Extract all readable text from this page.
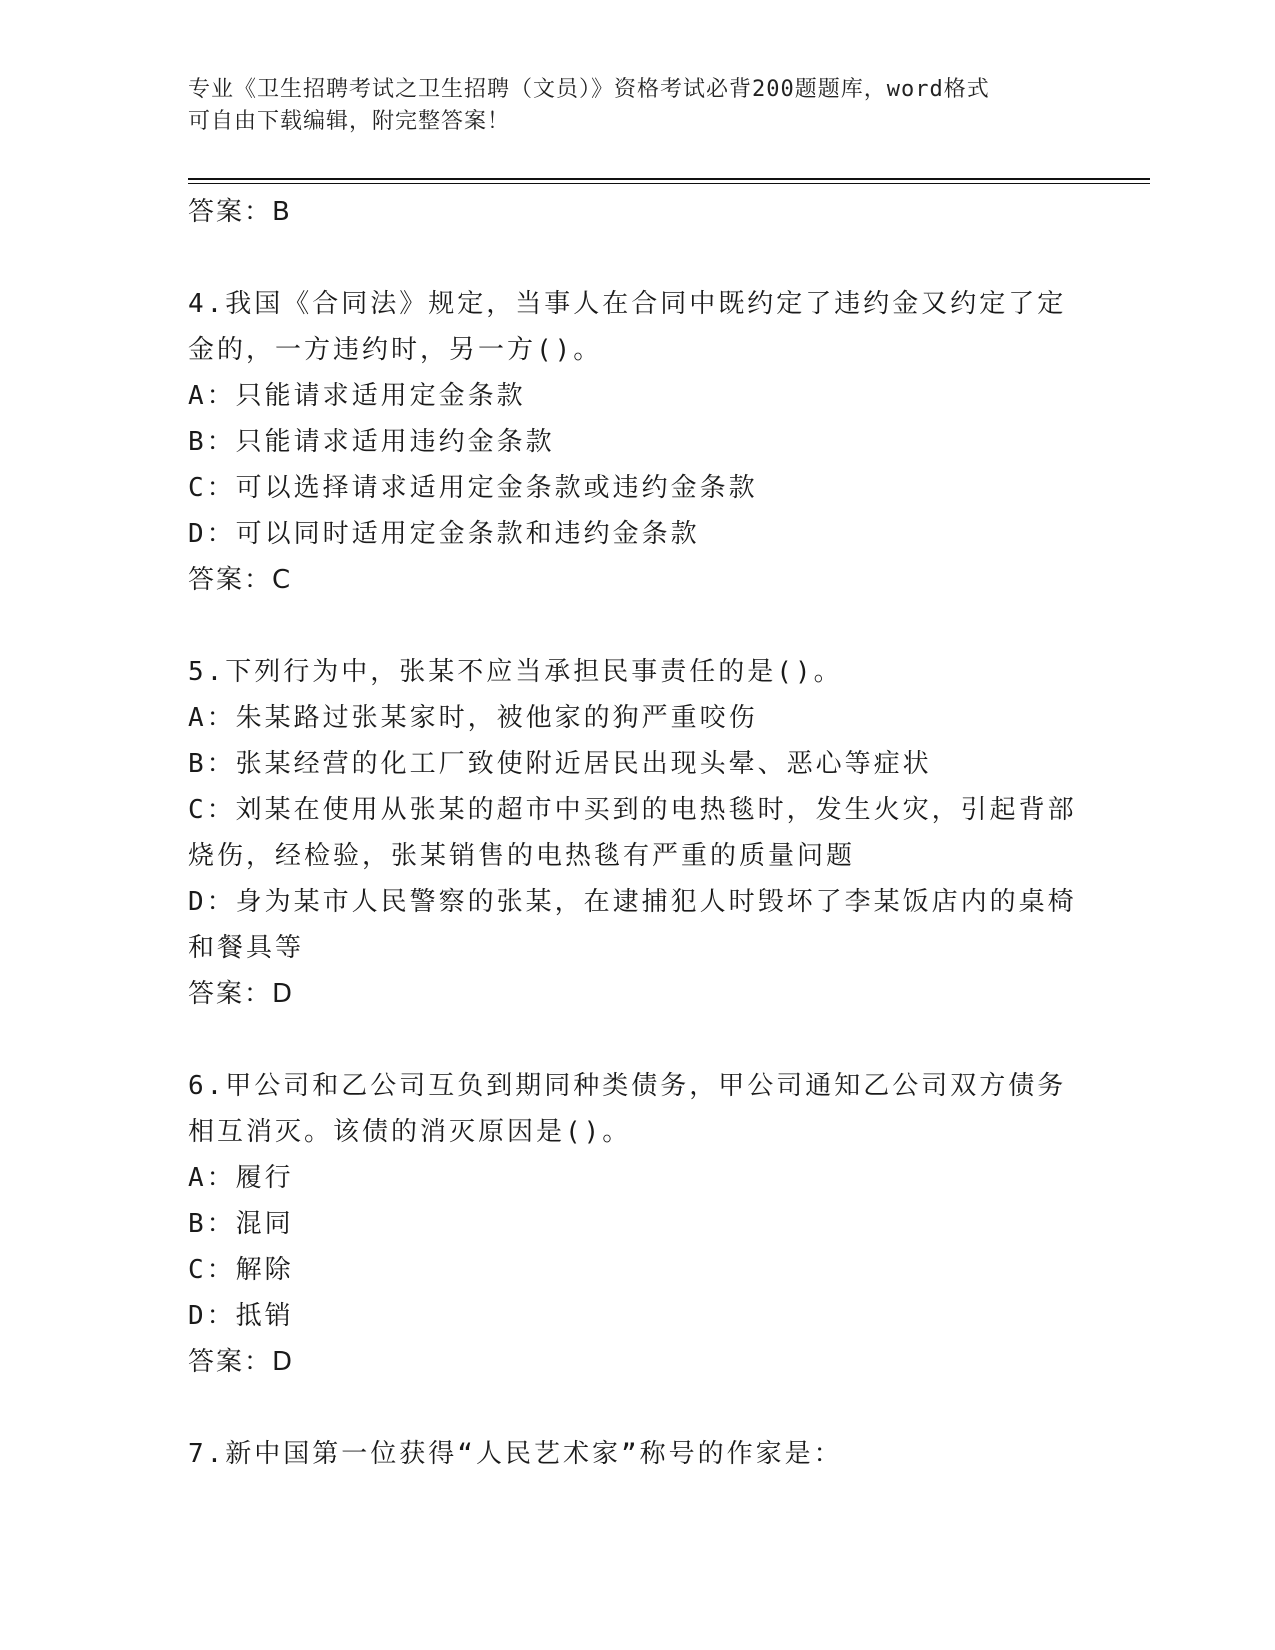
专业《卫生招聘考试之卫生招聘（文员）》资格考试必背200题题库，word格式
可自由下载编辑，附完整答案！
答案：B
4.我国《合同法》规定，当事人在合同中既约定了违约金又约定了定
金的，一方违约时，另一方()。
A：只能请求适用定金条款
B：只能请求适用违约金条款
C：可以选择请求适用定金条款或违约金条款
D：可以同时适用定金条款和违约金条款
答案：C
5.下列行为中，张某不应当承担民事责任的是()。
A：朱某路过张某家时，被他家的狗严重咬伤
B：张某经营的化工厂致使附近居民出现头晕、恶心等症状
C：刘某在使用从张某的超市中买到的电热毯时，发生火灾，引起背部
烧伤，经检验，张某销售的电热毯有严重的质量问题
D：身为某市人民警察的张某，在逮捕犯人时毁坏了李某饭店内的桌椅
和餐具等
答案：D
6.甲公司和乙公司互负到期同种类债务，甲公司通知乙公司双方债务
相互消灭。该债的消灭原因是()。
A：履行
B：混同
C：解除
D：抵销
答案：D
7.新中国第一位获得“人民艺术家”称号的作家是：
